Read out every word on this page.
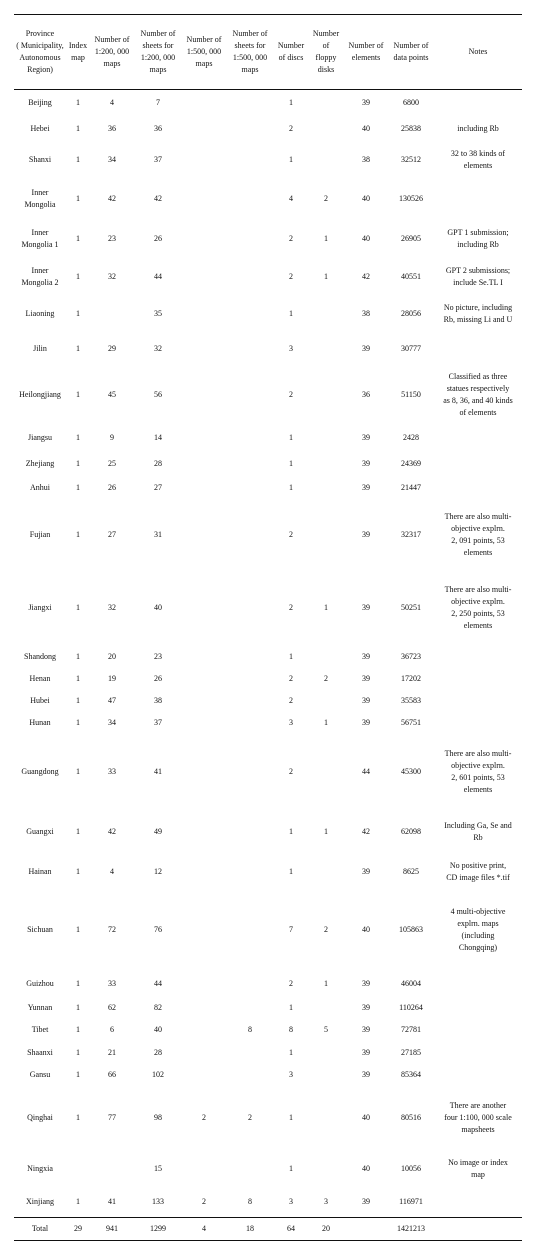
Province
( Municipality,
Autonomous
Region)	Index
map	Number of
1:200, 000
maps	Number of
sheets for
1:200, 000
maps	Number of
1:500, 000
maps	Number of
sheets for
1:500, 000
maps	Number
of discs	Number
of
floppy
disks	Number of
elements	Number of
data points	Notes
Beijing	1	4	7			1		39	6800	
Hebei	1	36	36			2		40	25838	including Rb
Shanxi	1	34	37			1		38	32512	32 to 38 kinds of
elements
Inner
Mongolia	1	42	42			4	2	40	130526	
Inner
Mongolia 1	1	23	26			2	1	40	26905	GPT 1 submission;
including Rb
Inner
Mongolia 2	1	32	44			2	1	42	40551	GPT 2 submissions;
include Se.TL I
Liaoning	1		35			1		38	28056	No picture, including
Rb, missing Li and U
Jilin	1	29	32			3		39	30777	
Heilongjiang	1	45	56			2		36	51150	Classified as three
statues respectively
as 8, 36, and 40 kinds
of elements
Jiangsu	1	9	14			1		39	2428	
Zhejiang	1	25	28			1		39	24369	
Anhui	1	26	27			1		39	21447	
Fujian	1	27	31			2		39	32317	There are also multi-
objective explrn.
2, 091 points, 53
elements
Jiangxi	1	32	40			2	1	39	50251	There are also multi-
objective explrn.
2, 250 points, 53
elements
Shandong	1	20	23			1		39	36723	
Henan	1	19	26			2	2	39	17202	
Hubei	1	47	38			2		39	35583	
Hunan	1	34	37			3	1	39	56751	
Guangdong	1	33	41			2		44	45300	There are also multi-
objective explrn.
2, 601 points, 53
elements
Guangxi	1	42	49			1	1	42	62098	Including Ga, Se and
Rb
Hainan	1	4	12			1		39	8625	No positive print,
CD image files *.tif
Sichuan	1	72	76			7	2	40	105863	4 multi-objective
explrn. maps
(including
Chongqing)
Guizhou	1	33	44			2	1	39	46004	
Yunnan	1	62	82			1		39	110264	
Tibet	1	6	40		8	8	5	39	72781	
Shaanxi	1	21	28			1		39	27185	
Gansu	1	66	102			3		39	85364	
Qinghai	1	77	98	2	2	1		40	80516	There are another
four 1:100, 000 scale
mapsheets
Ningxia			15			1		40	10056	No image or index
map
Xinjiang	1	41	133	2	8	3	3	39	116971	
Total	29	941	1299	4	18	64	20		1421213	
